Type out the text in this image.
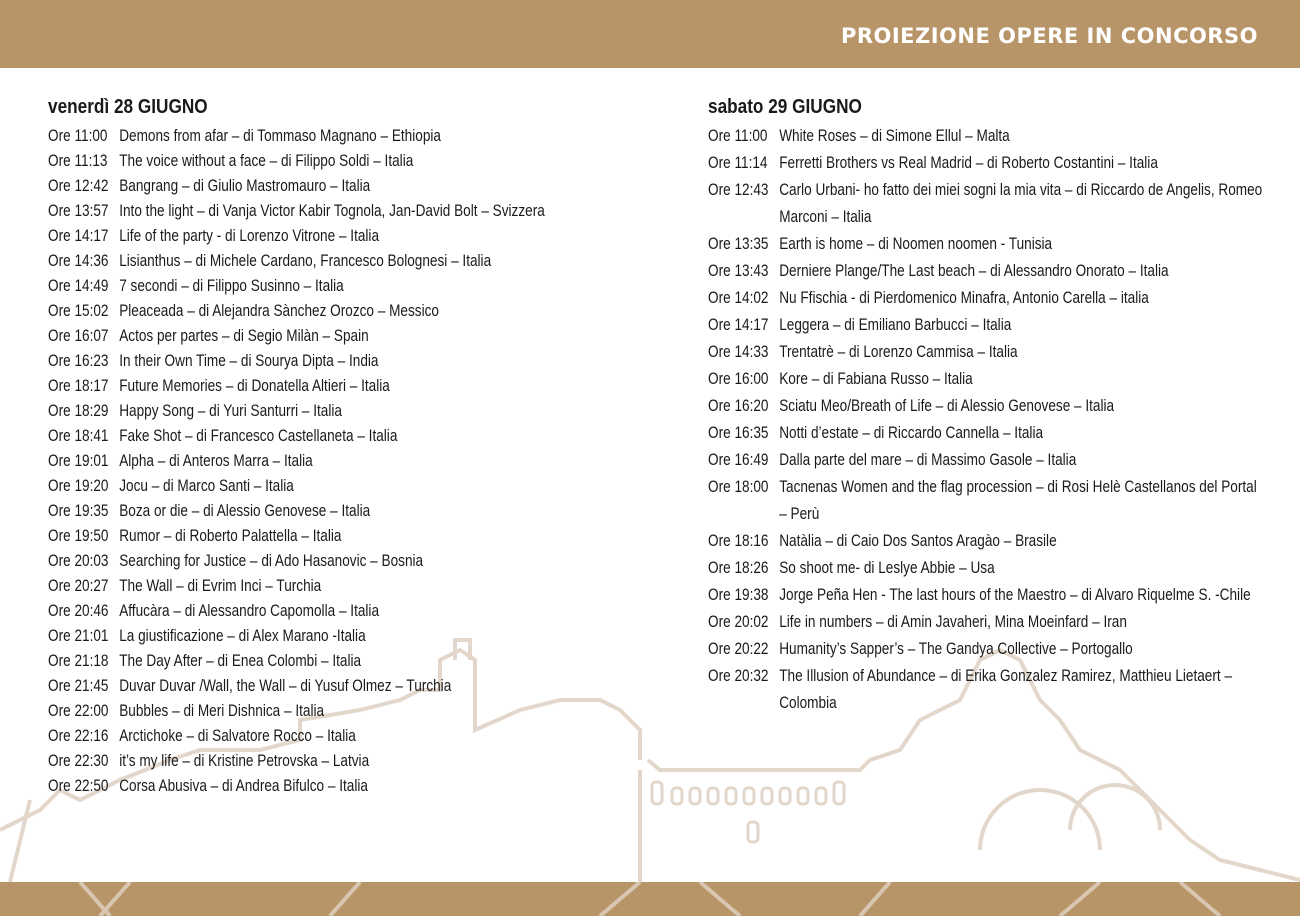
PROIEZIONE OPERE IN CONCORSO
venerdì 28 GIUGNO
Ore 11:00 Demons from afar – di Tommaso Magnano – Ethiopia
Ore 11:13 The voice without a face – di Filippo Soldi – Italia
Ore 12:42 Bangrang – di Giulio Mastromauro – Italia
Ore 13:57 Into the light – di Vanja Victor Kabir Tognola, Jan-David Bolt – Svizzera
Ore 14:17 Life of the party - di Lorenzo Vitrone – Italia
Ore 14:36 Lisianthus – di Michele Cardano, Francesco Bolognesi – Italia
Ore 14:49 7 secondi – di Filippo Susinno – Italia
Ore 15:02 Pleaceada – di Alejandra Sànchez Orozco – Messico
Ore 16:07 Actos per partes – di Segio Milàn – Spain
Ore 16:23 In their Own Time – di Sourya Dipta – India
Ore 18:17 Future Memories – di Donatella Altieri – Italia
Ore 18:29 Happy Song – di Yuri Santurri – Italia
Ore 18:41 Fake Shot – di Francesco Castellaneta – Italia
Ore 19:01 Alpha – di Anteros Marra – Italia
Ore 19:20 Jocu – di Marco Santi – Italia
Ore 19:35 Boza or die – di Alessio Genovese – Italia
Ore 19:50 Rumor – di Roberto Palattella – Italia
Ore 20:03 Searching for Justice – di Ado Hasanovic – Bosnia
Ore 20:27 The Wall – di Evrim Inci – Turchia
Ore 20:46 Affucàra – di Alessandro Capomolla – Italia
Ore 21:01 La giustificazione – di Alex Marano -Italia
Ore 21:18 The Day After – di Enea Colombi – Italia
Ore 21:45 Duvar Duvar /Wall, the Wall – di Yusuf Olmez – Turchia
Ore 22:00 Bubbles – di Meri Dishnica – Italia
Ore 22:16 Arctichoke – di Salvatore Rocco – Italia
Ore 22:30 it’s my life – di Kristine Petrovska – Latvia
Ore 22:50 Corsa Abusiva – di Andrea Bifulco – Italia
sabato 29 GIUGNO
Ore 11:00 White Roses – di Simone Ellul – Malta
Ore 11:14 Ferretti Brothers vs Real Madrid – di Roberto Costantini – Italia
Ore 12:43 Carlo Urbani- ho fatto dei miei sogni la mia vita – di Riccardo de Angelis, Romeo Marconi – Italia
Ore 13:35 Earth is home – di Noomen noomen - Tunisia
Ore 13:43 Derniere Plange/The Last beach – di Alessandro Onorato – Italia
Ore 14:02 Nu Ffischia - di Pierdomenico Minafra, Antonio Carella – italia
Ore 14:17 Leggera – di Emiliano Barbucci – Italia
Ore 14:33 Trentatrè – di Lorenzo Cammisa – Italia
Ore 16:00 Kore – di Fabiana Russo – Italia
Ore 16:20 Sciatu Meo/Breath of Life – di Alessio Genovese – Italia
Ore 16:35 Notti d’estate – di Riccardo Cannella – Italia
Ore 16:49 Dalla parte del mare – di Massimo Gasole – Italia
Ore 18:00 Tacnenas Women and the flag procession – di Rosi Helè Castellanos del Portal – Perù
Ore 18:16 Natàlia – di Caio Dos Santos Aragào – Brasile
Ore 18:26 So shoot me- di Leslye Abbie – Usa
Ore 19:38 Jorge Peña Hen - The last hours of the Maestro – di Alvaro Riquelme S. -Chile
Ore 20:02 Life in numbers – di Amin Javaheri, Mina Moeinfard – Iran
Ore 20:22 Humanity’s Sapper’s – The Gandya Collective – Portogallo
Ore 20:32 The Illusion of Abundance – di Erika Gonzalez Ramirez, Matthieu Lietaert – Colombia
